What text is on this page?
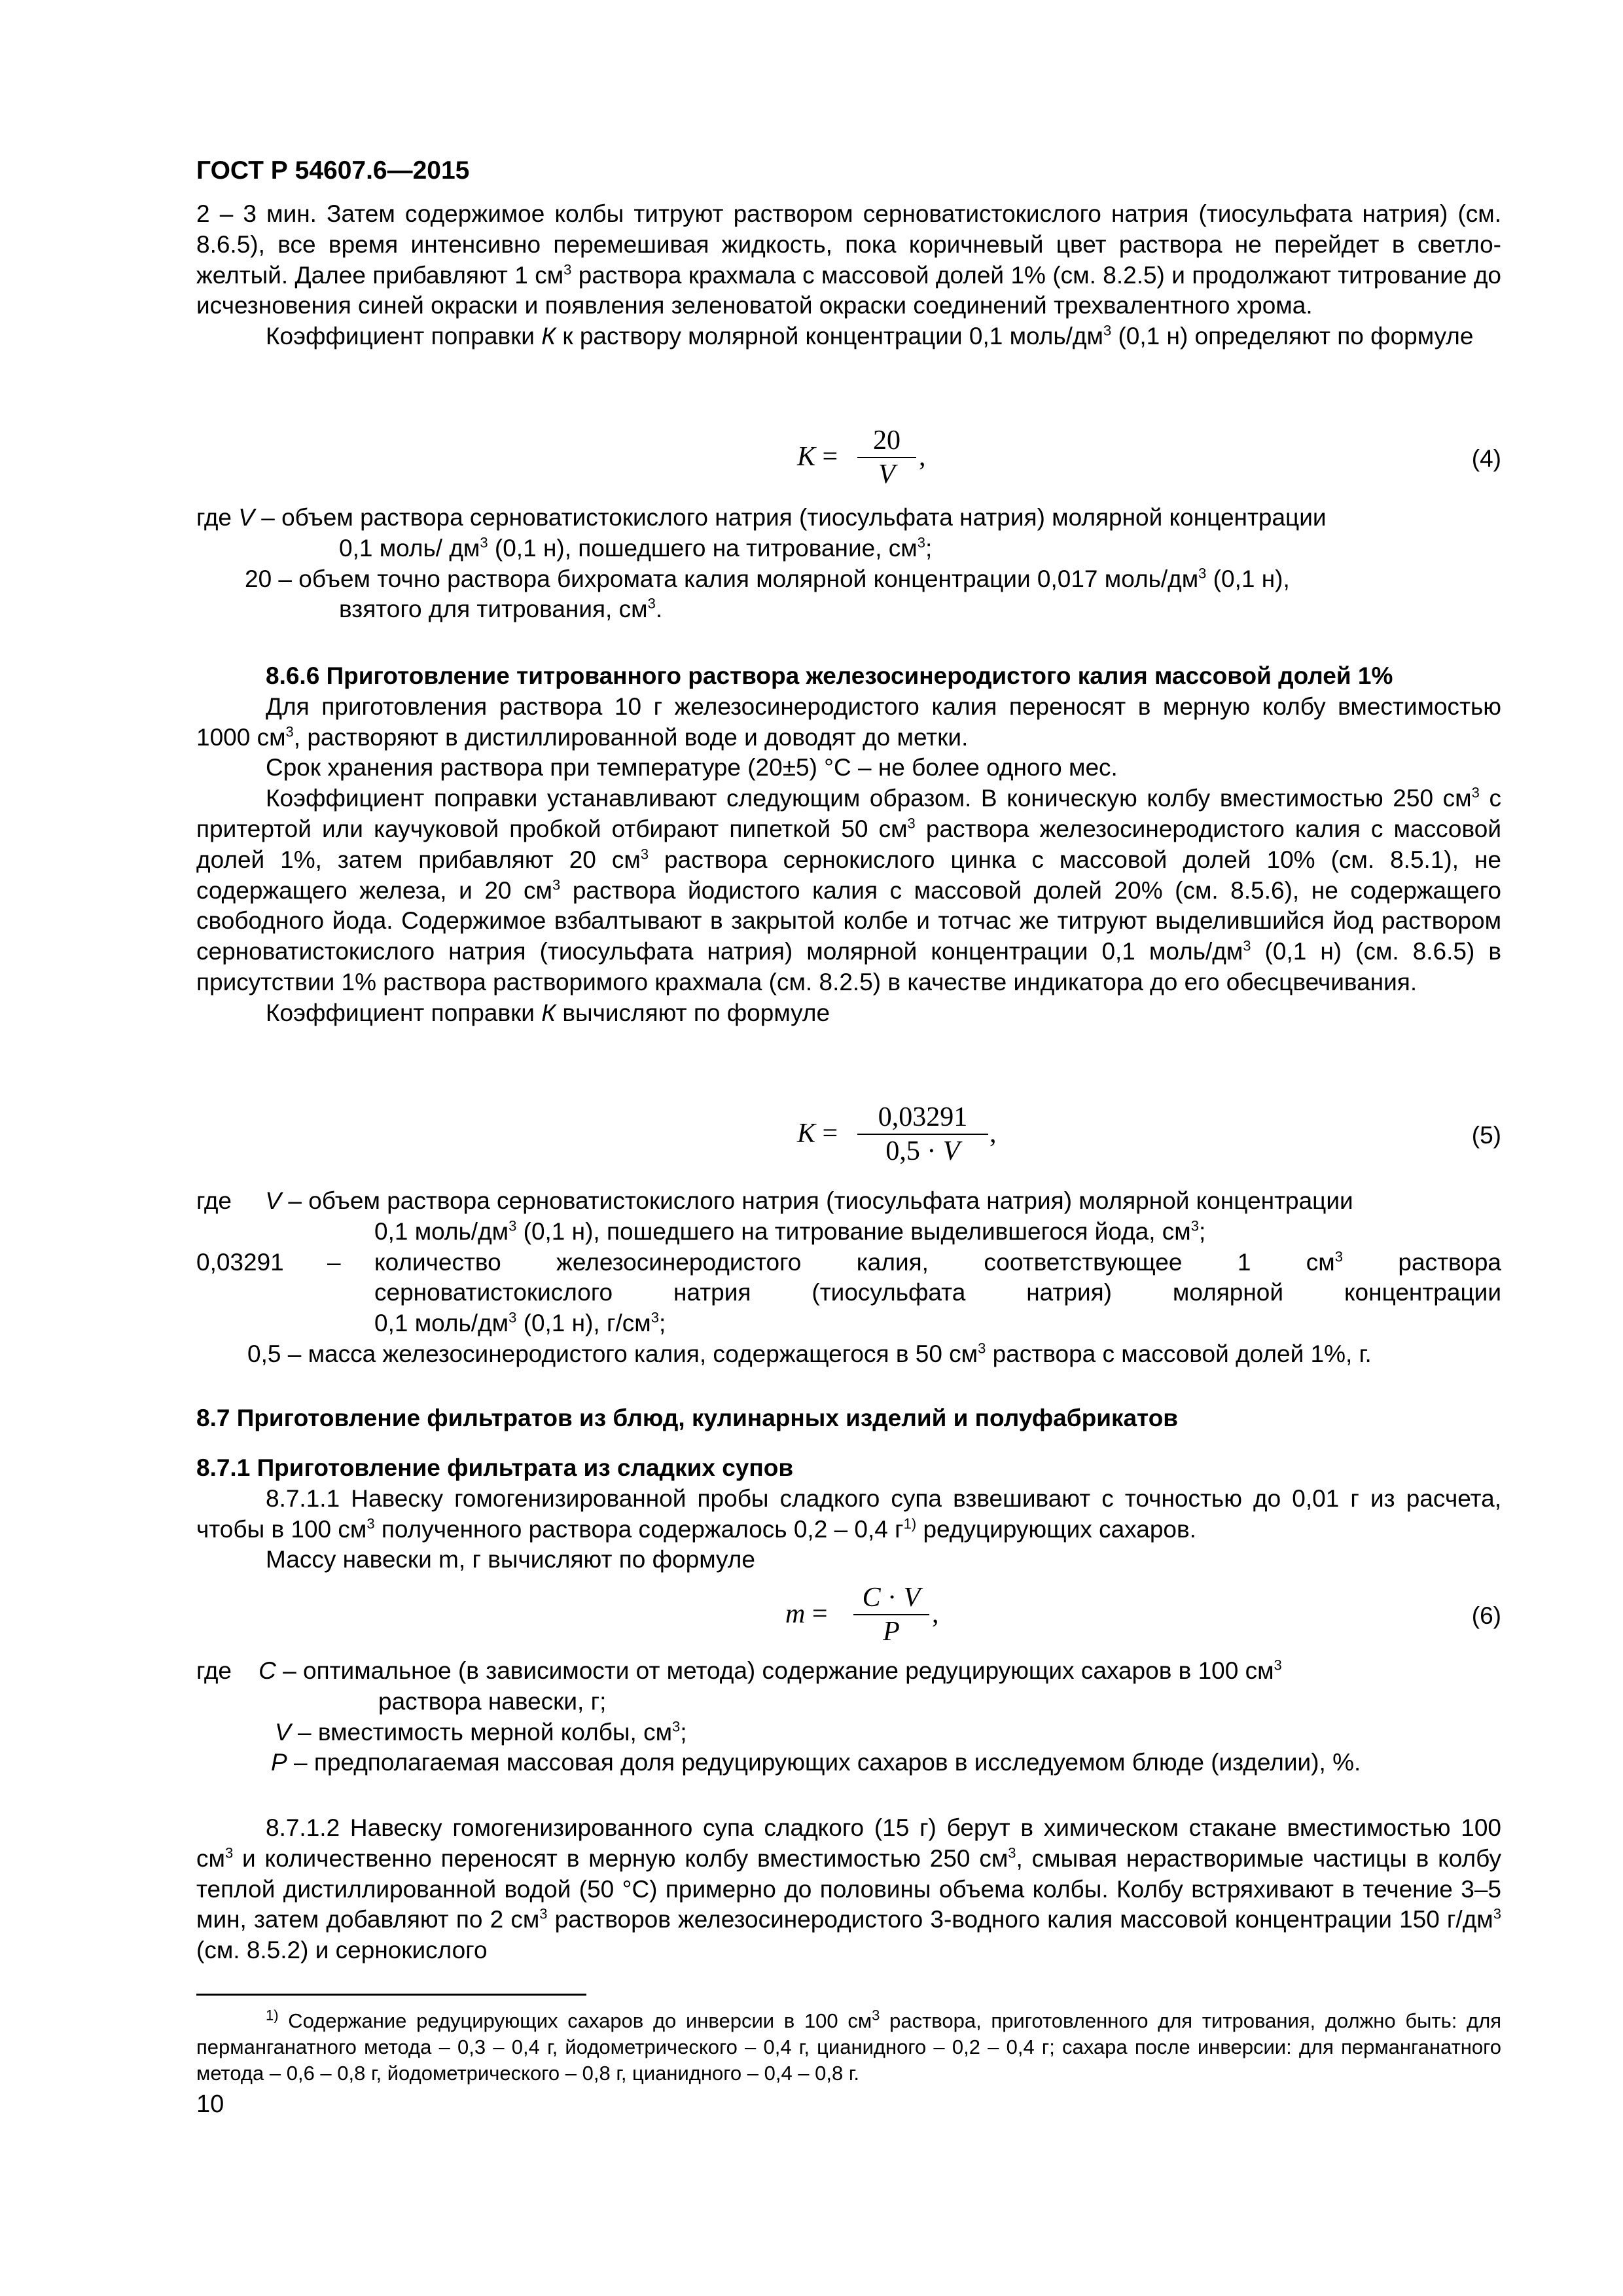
ГОСТ Р 54607.6—2015

2 – 3 мин. Затем содержимое колбы титруют раствором серноватистокислого натрия (тиосульфата натрия) (см. 8.6.5), все время интенсивно перемешивая жидкость, пока коричневый цвет раствора не перейдет в светло-желтый. Далее прибавляют 1 $см^3$ раствора крахмала с массовой долей 1% (см. 8.2.5) и продолжают титрование до исчезновения синей окраски и появления зеленоватой окраски соединений трехвалентного хрома.

Коэффициент поправки К к раствору молярной концентрации 0,1 моль/$дм^3$ (0,1 н) определяют по формуле

$K = \frac{20}{V}$ ,	(4)

где V – объем раствора серноватистокислого натрия (тиосульфата натрия) молярной концентрации

0,1 моль/ $дм^3$ (0,1 н), пошедшего на титрование, $см^3$;

20 – объем точно раствора бихромата калия молярной концентрации 0,017 моль/$дм^3$ (0,1 н),

взятого для титрования, $см^3$.

8.6.6 Приготовление титрованного раствора железосинеродистого калия массовой долей 1%

Для приготовления раствора 10 г железосинеродистого калия переносят в мерную колбу вместимостью 1000 $см^3$, растворяют в дистиллированной воде и доводят до метки.

Срок хранения раствора при температуре (20±5) °С – не более одного мес.

Коэффициент поправки устанавливают следующим образом. В коническую колбу вместимостью 250 $см^3$ с притертой или каучуковой пробкой отбирают пипеткой 50 $см^3$ раствора железосинеродистого калия с массовой долей 1%, затем прибавляют 20 $см^3$ раствора сернокислого цинка с массовой долей 10% (см. 8.5.1), не содержащего железа, и 20 $см^3$ раствора йодистого калия с массовой долей 20% (см. 8.5.6), не содержащего свободного йода. Содержимое взбалтывают в закрытой колбе и тотчас же титруют выделившийся йод раствором серноватистокислого натрия (тиосульфата натрия) молярной концентрации 0,1 моль/$дм^3$ (0,1 н) (см. 8.6.5) в присутствии 1% раствора растворимого крахмала (см. 8.2.5) в качестве индикатора до его обесцвечивания.

Коэффициент поправки К вычисляют по формуле

$K = \frac{0,03291}{0,5 \cdot V}$ ,	(5)

где     V – объем раствора серноватистокислого натрия (тиосульфата натрия) молярной концентрации

0,1 моль/$дм^3$ (0,1 н), пошедшего на титрование выделившегося йода, $см^3$;

0,03291 – количество железосинеродистого калия, соответствующее 1 $см^3$ раствора

серноватистокислого натрия (тиосульфата натрия) молярной концентрации

0,1 моль/$дм^3$ (0,1 н), $г/см^3$;

0,5 – масса железосинеродистого калия, содержащегося в 50 $см^3$ раствора с массовой долей 1%, г.

8.7 Приготовление фильтратов из блюд, кулинарных изделий и полуфабрикатов

8.7.1 Приготовление фильтрата из сладких супов

8.7.1.1 Навеску гомогенизированной пробы сладкого супа взвешивают с точностью до 0,01 г из расчета, чтобы в 100 $см^3$ полученного раствора содержалось 0,2 – 0,4 $г^{1)}$ редуцирующих сахаров.

Массу навески m, г вычисляют по формуле

$m = \frac{C \cdot V}{P}$ ,	(6)

где    С – оптимальное (в зависимости от метода) содержание редуцирующих сахаров в 100 $см^3$

раствора навески, г;

V – вместимость мерной колбы, $см^3$;

P – предполагаемая массовая доля редуцирующих сахаров в исследуемом блюде (изделии), %.

8.7.1.2 Навеску гомогенизированного супа сладкого (15 г) берут в химическом стакане вместимостью 100 $см^3$ и количественно переносят в мерную колбу вместимостью 250 $см^3$, смывая нерастворимые частицы в колбу теплой дистиллированной водой (50 °С) примерно до половины объема колбы. Колбу встряхивают в течение 3–5 мин, затем добавляют по 2 $см^3$ растворов железосинеродистого 3-водного калия массовой концентрации 150 $г/дм^3$ (см. 8.5.2) и сернокислого

$^{1)}$ Содержание редуцирующих сахаров до инверсии в 100 $см^3$ раствора, приготовленного для титрования, должно быть: для перманганатного метода – 0,3 – 0,4 г, йодометрического – 0,4 г, цианидного – 0,2 – 0,4 г; сахара после инверсии: для перманганатного метода – 0,6 – 0,8 г, йодометрического – 0,8 г, цианидного – 0,4 – 0,8 г.

10
